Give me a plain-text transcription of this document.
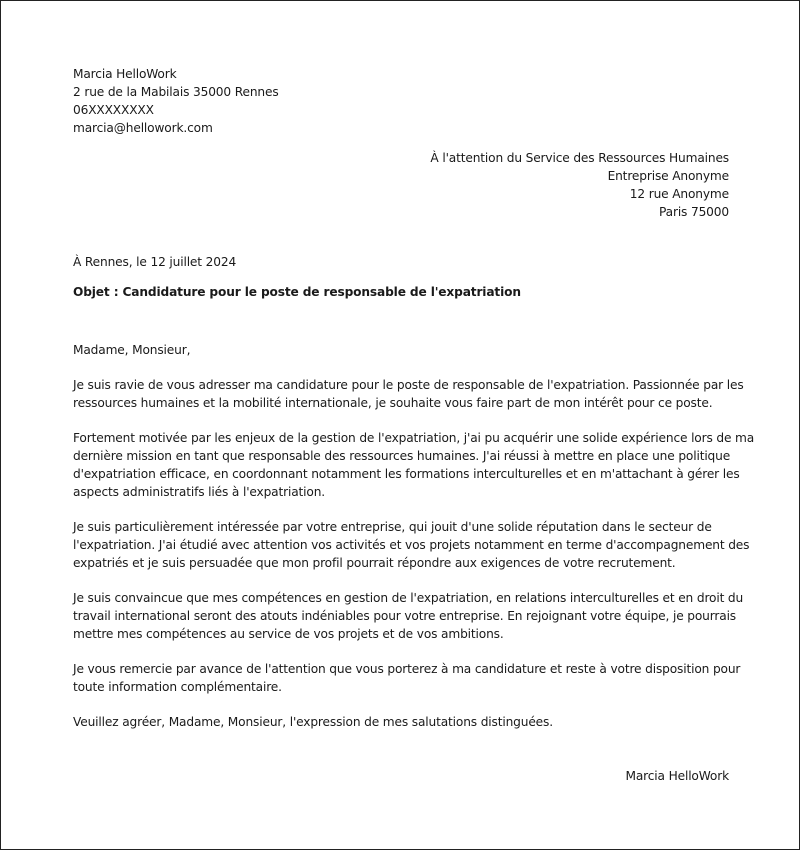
Marcia HelloWork
2 rue de la Mabilais 35000 Rennes
06XXXXXXXX
marcia@hellowork.com
À l'attention du Service des Ressources Humaines
Entreprise Anonyme
12 rue Anonyme
Paris 75000
À Rennes, le 12 juillet 2024
Objet : Candidature pour le poste de responsable de l'expatriation
Madame, Monsieur,

Je suis ravie de vous adresser ma candidature pour le poste de responsable de l'expatriation. Passionnée par les
ressources humaines et la mobilité internationale, je souhaite vous faire part de mon intérêt pour ce poste.

Fortement motivée par les enjeux de la gestion de l'expatriation, j'ai pu acquérir une solide expérience lors de ma
dernière mission en tant que responsable des ressources humaines. J'ai réussi à mettre en place une politique
d'expatriation efficace, en coordonnant notamment les formations interculturelles et en m'attachant à gérer les
aspects administratifs liés à l'expatriation.

Je suis particulièrement intéressée par votre entreprise, qui jouit d'une solide réputation dans le secteur de
l'expatriation. J'ai étudié avec attention vos activités et vos projets notamment en terme d'accompagnement des
expatriés et je suis persuadée que mon profil pourrait répondre aux exigences de votre recrutement.

Je suis convaincue que mes compétences en gestion de l'expatriation, en relations interculturelles et en droit du
travail international seront des atouts indéniables pour votre entreprise. En rejoignant votre équipe, je pourrais
mettre mes compétences au service de vos projets et de vos ambitions.

Je vous remercie par avance de l'attention que vous porterez à ma candidature et reste à votre disposition pour
toute information complémentaire.

Veuillez agréer, Madame, Monsieur, l'expression de mes salutations distinguées.
Marcia HelloWork
